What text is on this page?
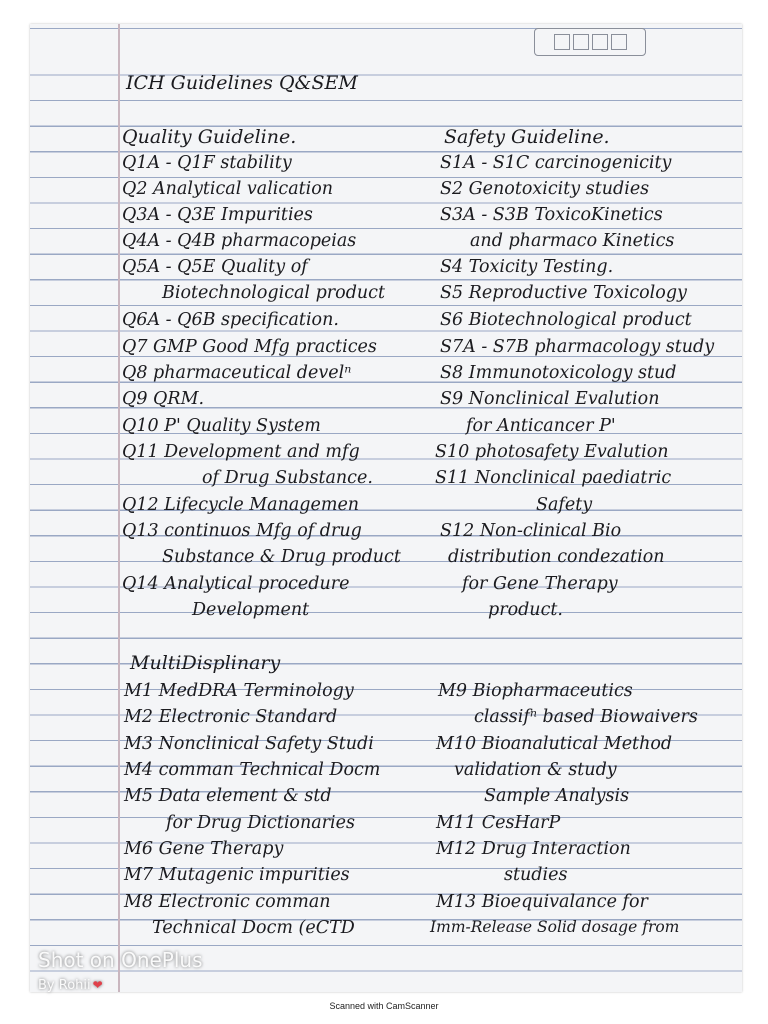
ICH Guidelines Q&SEM
Quality Guideline.	Safety Guideline.
Q1A - Q1F stability
Q2 Analytical valication
Q3A - Q3E Impurities
Q4A - Q4B pharmacopeias
Q5A - Q5E Quality of
Biotechnological product
Q6A - Q6B specification.
Q7 GMP Good Mfg practices
Q8 pharmaceutical develⁿ
Q9 QRM.
Q10 P' Quality System
Q11 Development and mfg
of Drug Substance.
Q12 Lifecycle Managemen
Q13 continuos Mfg of drug
Substance & Drug product
Q14 Analytical procedure
Development
S1A - S1C carcinogenicity
S2 Genotoxicity studies
S3A - S3B ToxicoKinetics
and pharmaco Kinetics
S4 Toxicity Testing.
S5 Reproductive Toxicology
S6 Biotechnological product
S7A - S7B pharmacology study
S8 Immunotoxicology stud
S9 Nonclinical Evalution
for Anticancer P'
S10 photosafety Evalution
S11 Nonclinical paediatric
Safety
S12 Non-clinical Bio
distribution condezation
for Gene Therapy
product.
MultiDisplinary
M1 MedDRA Terminology
M2 Electronic Standard
M3 Nonclinical Safety Studi
M4 comman Technical Docm
M5 Data element & std
for Drug Dictionaries
M6 Gene Therapy
M7 Mutagenic impurities
M8 Electronic comman
Technical Docm (eCTD
M9 Biopharmaceutics
classifⁿ based Biowaivers
M10 Bioanalutical Method
validation & study
Sample Analysis
M11 CesHarP
M12 Drug Interaction
studies
M13 Bioequivalance for
Imm-Release Solid dosage from
Shot on OnePlus
By Rohii ❤
Scanned with CamScanner
